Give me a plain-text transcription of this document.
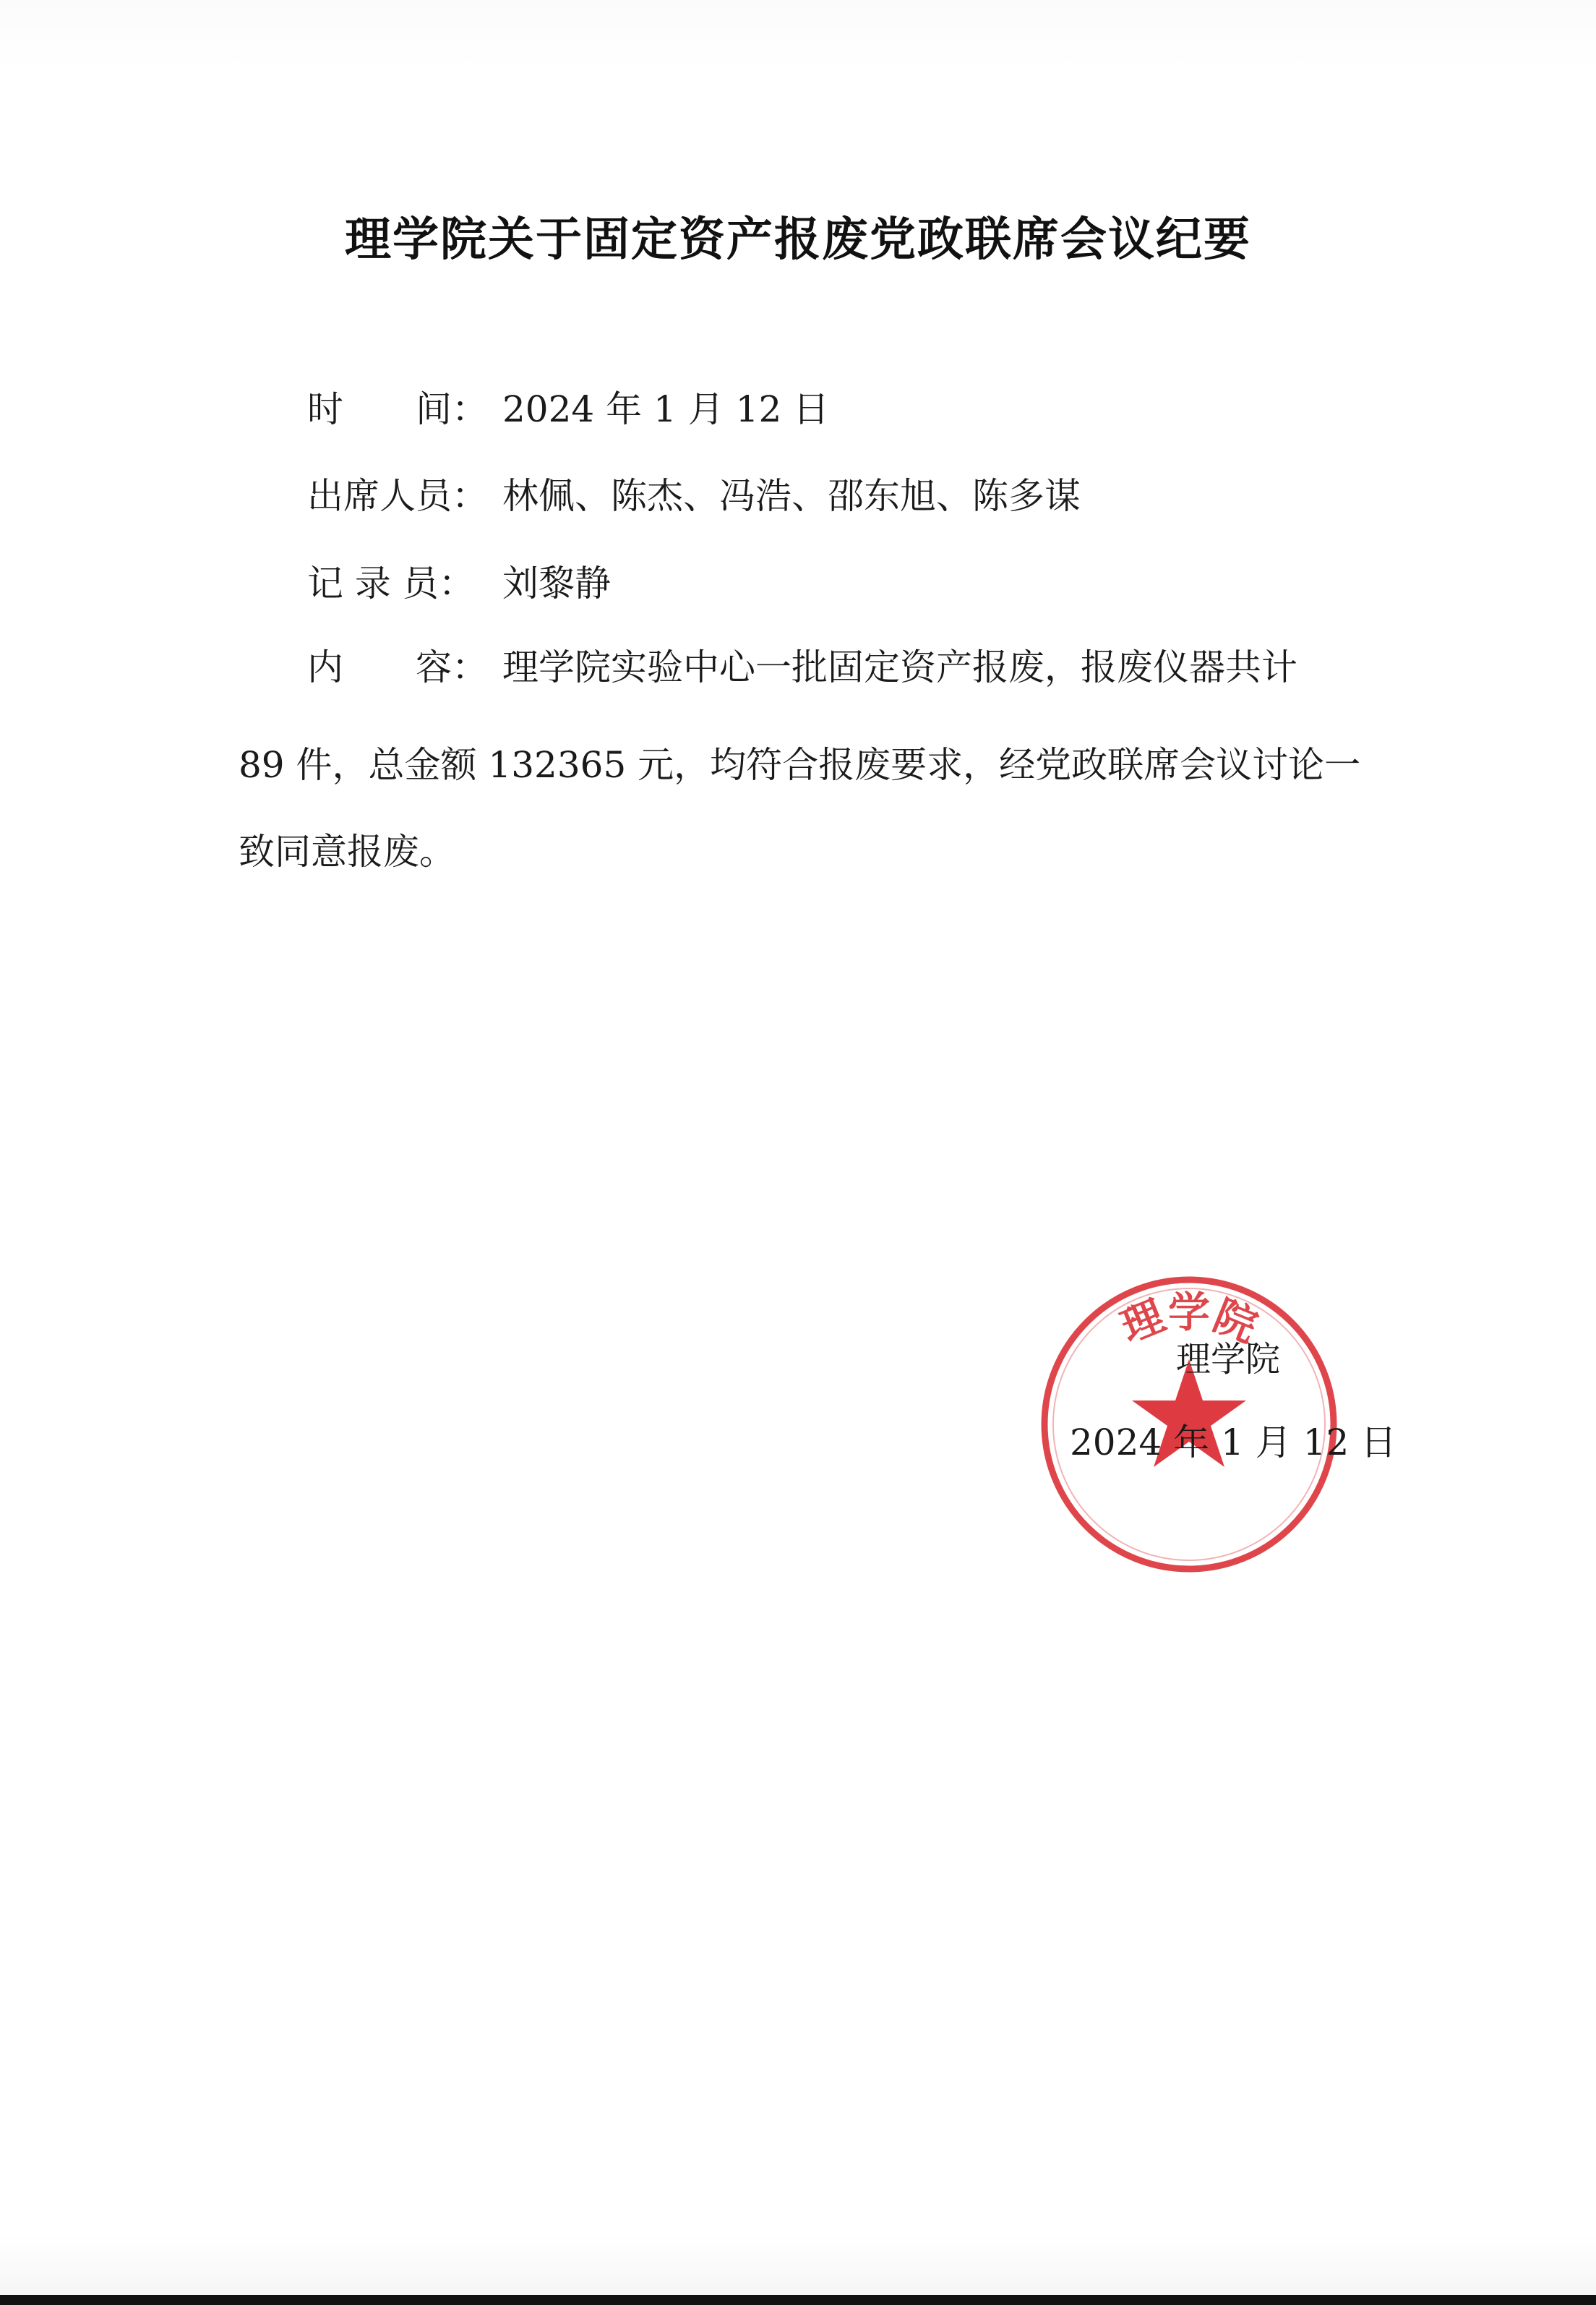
理学院关于固定资产报废党政联席会议纪要
时　　间： 2024 年 1 月 12 日
出席人员： 林佩、陈杰、冯浩、邵东旭、陈多谋
记 录 员： 刘黎静
内　　容： 理学院实验中心一批固定资产报废，报废仪器共计
89 件，总金额 132365 元，均符合报废要求，经党政联席会议讨论一致同意报废。
理学院
理学院
2024 年 1 月 12 日
